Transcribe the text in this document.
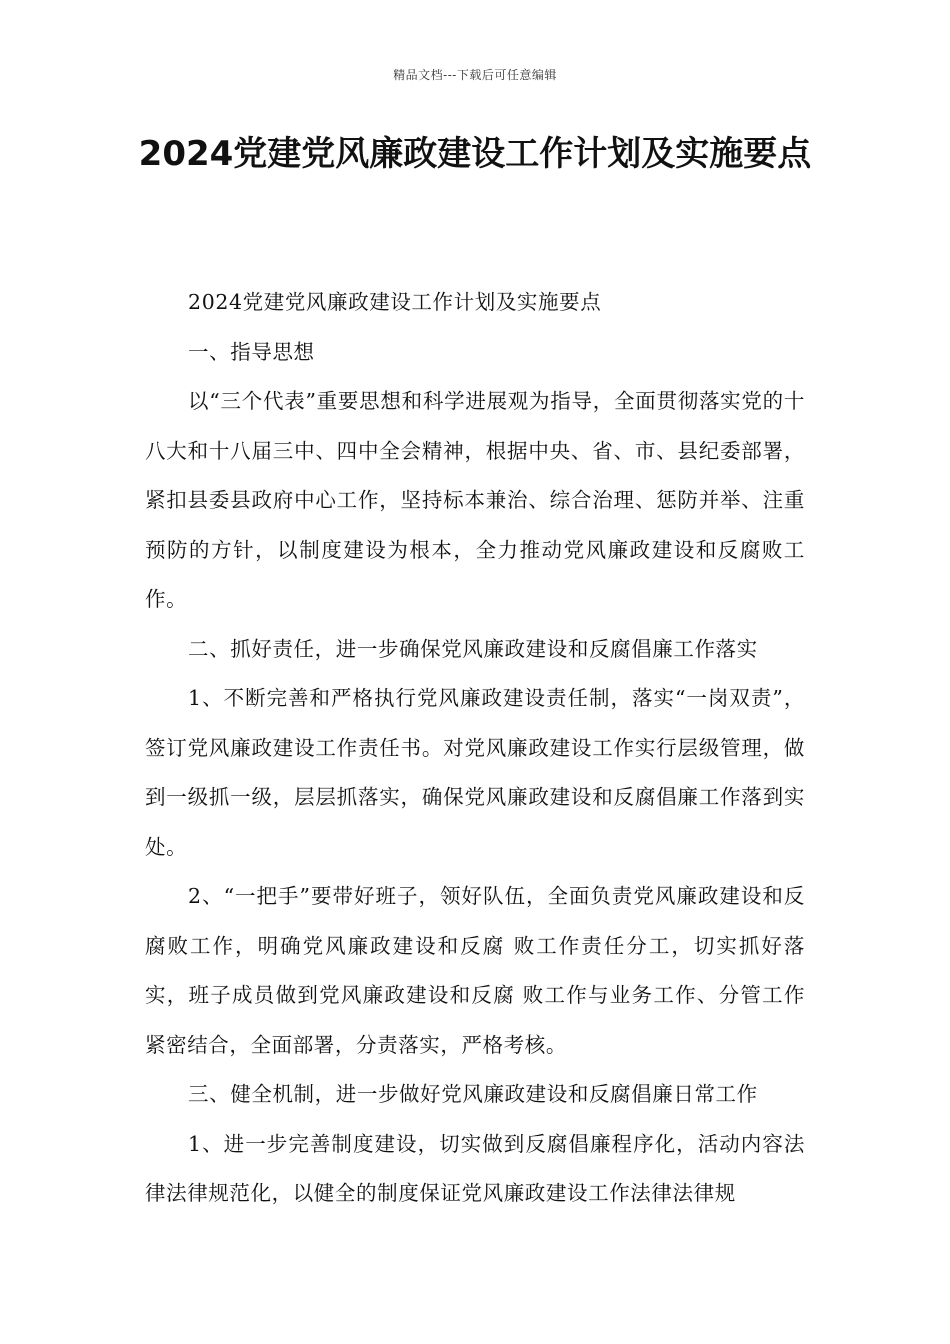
精品文档---下载后可任意编辑
2024党建党风廉政建设工作计划及实施要点

2024党建党风廉政建设工作计划及实施要点

一、指导思想

以“三个代表”重要思想和科学进展观为指导，全面贯彻落实党的十八大和十八届三中、四中全会精神，根据中央、省、市、县纪委部署，紧扣县委县政府中心工作，坚持标本兼治、综合治理、惩防并举、注重预防的方针，以制度建设为根本，全力推动党风廉政建设和反腐败工作。

二、抓好责任，进一步确保党风廉政建设和反腐倡廉工作落实

1、不断完善和严格执行党风廉政建设责任制，落实“一岗双责”，签订党风廉政建设工作责任书。对党风廉政建设工作实行层级管理，做到一级抓一级，层层抓落实，确保党风廉政建设和反腐倡廉工作落到实处。

2、“一把手”要带好班子，领好队伍，全面负责党风廉政建设和反腐败工作，明确党风廉政建设和反腐 败工作责任分工，切实抓好落实，班子成员做到党风廉政建设和反腐 败工作与业务工作、分管工作紧密结合，全面部署，分责落实，严格考核。

三、健全机制，进一步做好党风廉政建设和反腐倡廉日常工作

1、进一步完善制度建设，切实做到反腐倡廉程序化，活动内容法律法律规范化，以健全的制度保证党风廉政建设工作法律法律规
